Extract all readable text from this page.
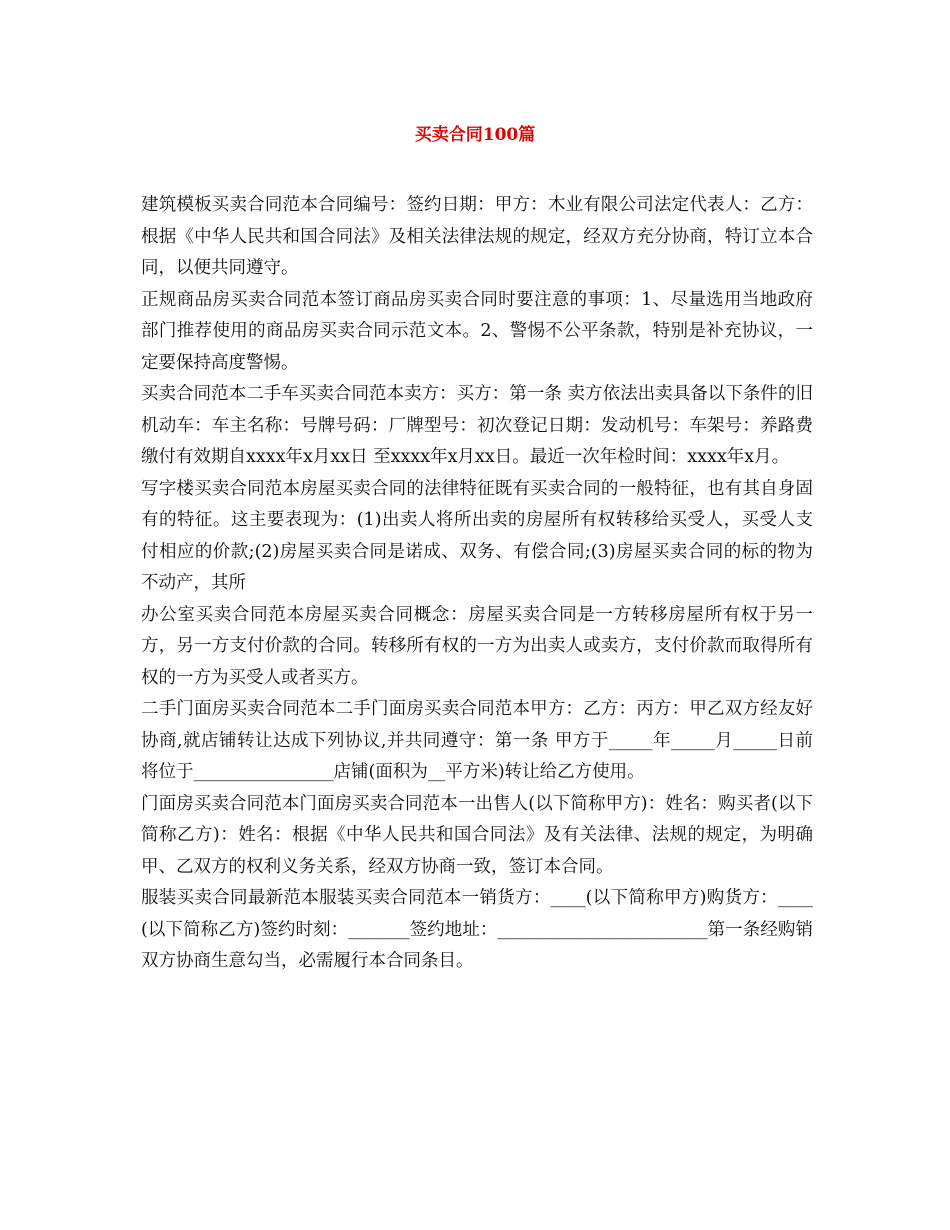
买卖合同100篇

建筑模板买卖合同范本合同编号：签约日期：甲方：木业有限公司法定代表人：乙方：根据《中华人民共和国合同法》及相关法律法规的规定，经双方充分协商，特订立本合同，以便共同遵守。

正规商品房买卖合同范本签订商品房买卖合同时要注意的事项：1、尽量选用当地政府部门推荐使用的商品房买卖合同示范文本。2、警惕不公平条款，特别是补充协议，一定要保持高度警惕。

买卖合同范本二手车买卖合同范本卖方：买方：第一条 卖方依法出卖具备以下条件的旧机动车：车主名称：号牌号码：厂牌型号：初次登记日期：发动机号：车架号：养路费缴付有效期自xxxx年x月xx日 至xxxx年x月xx日。最近一次年检时间：xxxx年x月。

写字楼买卖合同范本房屋买卖合同的法律特征既有买卖合同的一般特征，也有其自身固有的特征。这主要表现为：(1)出卖人将所出卖的房屋所有权转移给买受人，买受人支付相应的价款;(2)房屋买卖合同是诺成、双务、有偿合同;(3)房屋买卖合同的标的物为不动产，其所

办公室买卖合同范本房屋买卖合同概念：房屋买卖合同是一方转移房屋所有权于另一方，另一方支付价款的合同。转移所有权的一方为出卖人或卖方，支付价款而取得所有权的一方为买受人或者买方。

二手门面房买卖合同范本二手门面房买卖合同范本甲方：乙方：丙方：甲乙双方经友好协商,就店铺转让达成下列协议,并共同遵守：第一条 甲方于_____年_____月_____日前将位于________________店铺(面积为__平方米)转让给乙方使用。

门面房买卖合同范本门面房买卖合同范本一出售人(以下简称甲方)：姓名：购买者(以下简称乙方)：姓名：根据《中华人民共和国合同法》及有关法律、法规的规定，为明确甲、乙双方的权利义务关系，经双方协商一致，签订本合同。

服装买卖合同最新范本服装买卖合同范本一销货方：____(以下简称甲方)购货方：____(以下简称乙方)签约时刻：_______签约地址：________________________第一条经购销双方协商生意勾当，必需履行本合同条目。
